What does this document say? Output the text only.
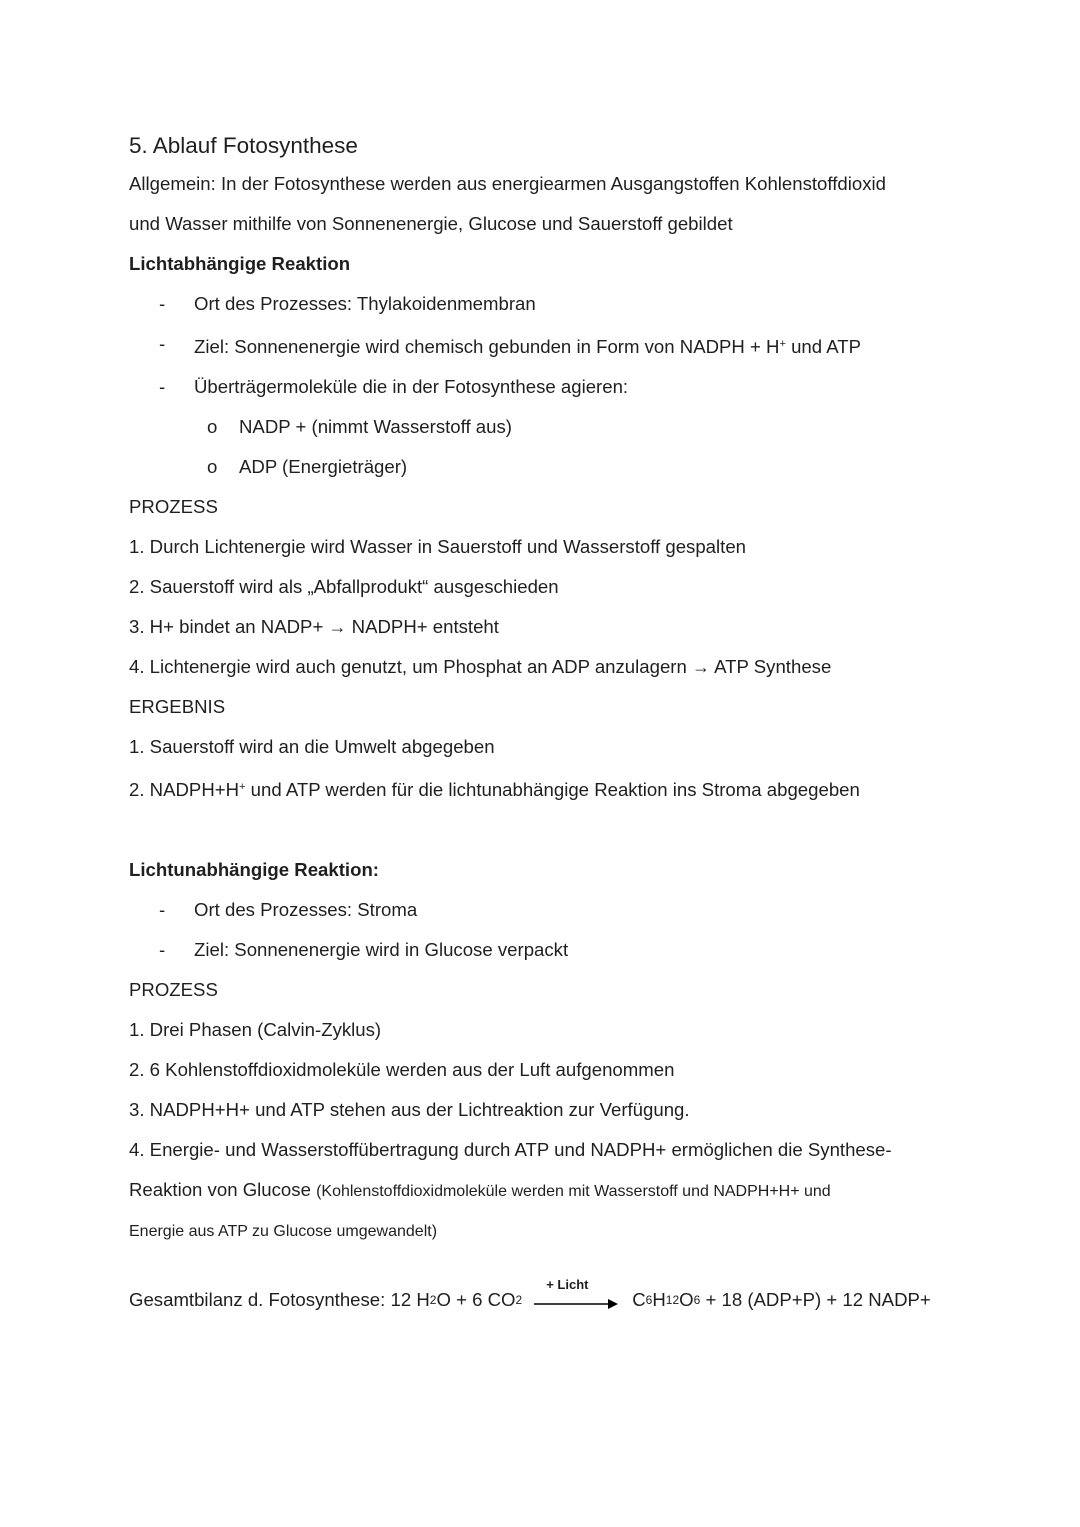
5. Ablauf Fotosynthese
Allgemein: In der Fotosynthese werden aus energiearmen Ausgangstoffen Kohlenstoffdioxid
und Wasser mithilfe von Sonnenenergie, Glucose und Sauerstoff gebildet
Lichtabhängige Reaktion
- Ort des Prozesses: Thylakoidenmembran
- Ziel: Sonnenenergie wird chemisch gebunden in Form von NADPH + H+ und ATP
- Überträgermoleküle die in der Fotosynthese agieren:
o NADP + (nimmt Wasserstoff aus)
o ADP (Energieträger)
PROZESS
1. Durch Lichtenergie wird Wasser in Sauerstoff und Wasserstoff gespalten
2. Sauerstoff wird als „Abfallprodukt“ ausgeschieden
3. H+ bindet an NADP+ → NADPH+ entsteht
4. Lichtenergie wird auch genutzt, um Phosphat an ADP anzulagern → ATP Synthese
ERGEBNIS
1. Sauerstoff wird an die Umwelt abgegeben
2. NADPH+H+ und ATP werden für die lichtunabhängige Reaktion ins Stroma abgegeben
Lichtunabhängige Reaktion:
- Ort des Prozesses: Stroma
- Ziel: Sonnenenergie wird in Glucose verpackt
PROZESS
1. Drei Phasen (Calvin-Zyklus)
2. 6 Kohlenstoffdioxidmoleküle werden aus der Luft aufgenommen
3. NADPH+H+ und ATP stehen aus der Lichtreaktion zur Verfügung.
4. Energie- und Wasserstoffübertragung durch ATP und NADPH+ ermöglichen die Synthese-
Reaktion von Glucose (Kohlenstoffdioxidmoleküle werden mit Wasserstoff und NADPH+H+ und
Energie aus ATP zu Glucose umgewandelt)
Gesamtbilanz d. Fotosynthese: 12 H 2 O + 6 CO 2
+ Licht
C 6 H 12 O 6 + 18 (ADP+P) + 12 NADP+
